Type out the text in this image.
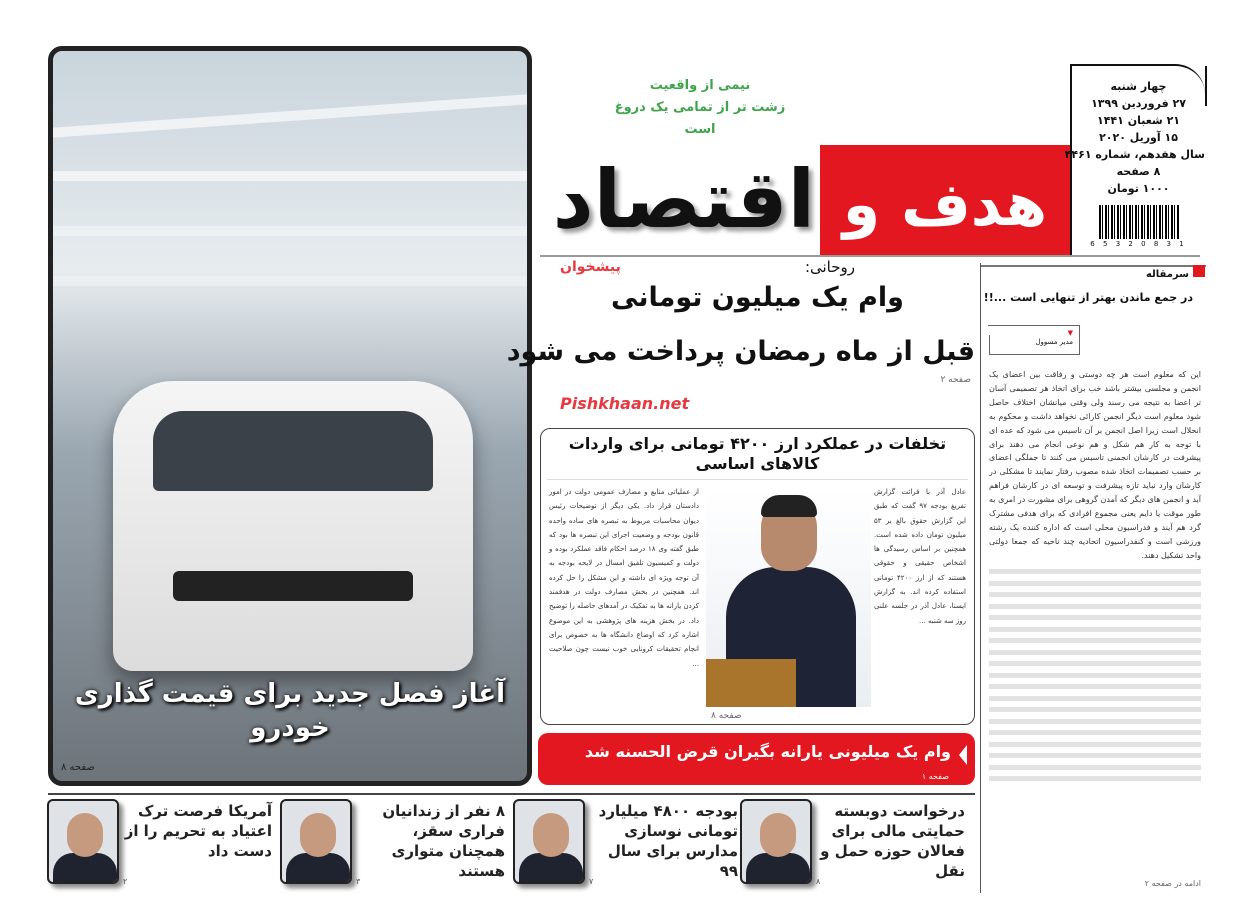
آغاز فصل جدید برای قیمت گذاری خودرو
صفحه ۸
اقتصاد هدف و
نیمی از واقعیت
زشت تر از تمامی یک دروغ است
چهار شنبه
۲۷ فروردین ۱۳۹۹
۲۱ شعبان ۱۴۴۱
۱۵ آوریل ۲۰۲۰
سال هفدهم، شماره ۴۴۶۱
۸ صفحه
۱۰۰۰ تومان
1 3 8 0 2 3 5 6
روحانی:
وام یک میلیون تومانی
قبل از ماه رمضان پرداخت می شود
صفحه ۲
پیشخوان
Pishkhaan.net
تخلفات در عملکرد ارز ۴۲۰۰ تومانی برای واردات کالاهای اساسی
عادل آذر با قرائت گزارش تفریغ بودجه ۹۷ گفت که طبق این گزارش حقوق بالغ بر ۵۳ میلیون تومان داده شده است. همچنین بر اساس رسیدگی ها اشخاص حقیقی و حقوقی هستند که از ارز ۴۲۰۰ تومانی استفاده کرده اند. به گزارش ایسنا، عادل آذر در جلسه علنی روز سه شنبه ...
از عملیاتی منابع و مصارف عمومی دولت در امور دادستان قرار داد. یکی دیگر از توضیحات رئیس دیوان محاسبات مربوط به تبصره های ساده واحده قانون بودجه و وضعیت اجرای این تبصره ها بود که طبق گفته وی ۱۸ درصد احکام فاقد عملکرد بوده و دولت و کمیسیون تلفیق امسال در لایحه بودجه به آن توجه ویژه ای داشته و این مشکل را حل کرده اند. همچنین در بخش مصارف دولت در هدفمند کردن یارانه ها به تفکیک در آمدهای حاصله را توضیح داد. در بخش هزینه های پژوهشی به این موضوع اشاره کرد که اوضاع دانشگاه ها به خصوص برای انجام تحقیقات کرونایی خوب نیست چون صلاحیت ...
صفحه ۸
وام یک میلیونی یارانه بگیران قرض الحسنه شد
صفحه ۱
درخواست دوبسته حمایتی مالی برای فعالان حوزه حمل و نقل
۸
بودجه ۴۸۰۰ میلیارد تومانی نوسازی مدارس برای سال ۹۹
۷
۸ نفر از زندانیان فراری سقز، همچنان متواری هستند
۳
آمریکا فرصت ترک اعتیاد به تحریم را از دست داد
۲
سرمقاله
در جمع ماندن بهتر از تنهایی است ...!!
▼
مدیر مسوول
این که معلوم است هر چه دوستی و رفاقت بین اعضای یک انجمن و مجلسی بیشتر باشد خب برای اتخاذ هر تصمیمی آسان تر اعضا به نتیجه می رسند ولی وقتی میانشان اختلاف حاصل شود معلوم است دیگر انجمن کارائی نخواهد داشت و محکوم به انحلال است زیرا اصل انجمن بر آن تاسیس می شود که عده ای با توجه به کار هم شکل و هم نوعی انجام می دهند برای پیشرفت در کارشان انجمنی تاسیس می کنند تا جملگی اعضای بر حسب تصمیمات اتخاذ شده مصوب رفتار نمایند تا مشکلی در کارشان وارد نباید تازه پیشرفت و توسعه ای در کارشان فراهم آید و انجمن های دیگر که آمدن گروهی برای مشورت در امری به طور موقت یا دایم یعنی مجموع افرادی که برای هدفی مشترک گرد هم آیند و فدراسیون محلی است که اداره کننده یک رشته ورزشی است و کنفدراسیون اتحادیه چند ناحیه که جمعا دولتی واحد تشکیل دهند.
ادامه در صفحه ۲
